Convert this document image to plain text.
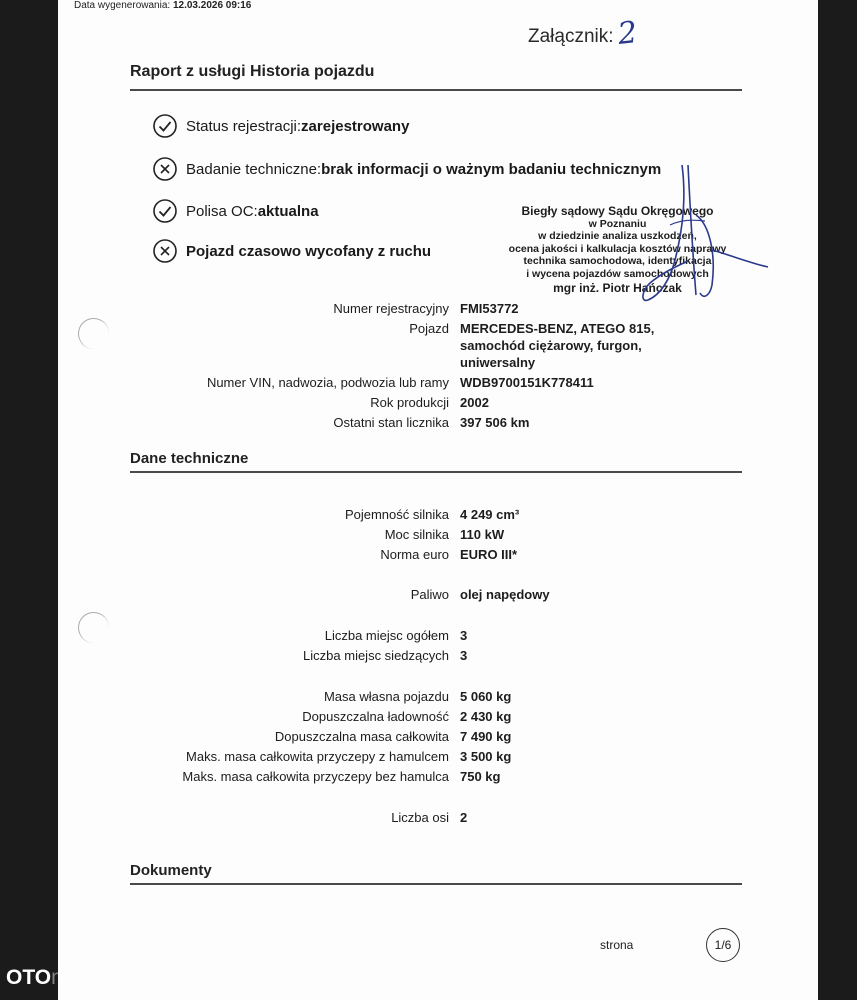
Data wygenerowania: 12.03.2026 09:16
Załącznik: 2
Raport z usługi Historia pojazdu
Status rejestracji: zarejestrowany
Badanie techniczne: brak informacji o ważnym badaniu technicznym
Polisa OC: aktualna
Pojazd czasowo wycofany z ruchu
Biegły sądowy Sądu Okręgowego
w Poznaniu
w dziedzinie analiza uszkodzeń,
ocena jakości i kalkulacja kosztów naprawy
technika samochodowa, identyfikacja
i wycena pojazdów samochodowych
mgr inż. Piotr Hańczak
Numer rejestracyjny FMI53772
Pojazd MERCEDES-BENZ, ATEGO 815, samochód ciężarowy, furgon, uniwersalny
Numer VIN, nadwozia, podwozia lub ramy WDB9700151K778411
Rok produkcji 2002
Ostatni stan licznika 397 506 km
Dane techniczne
Pojemność silnika 4 249 cm³
Moc silnika 110 kW
Norma euro EURO III*
Paliwo olej napędowy
Liczba miejsc ogółem 3
Liczba miejsc siedzących 3
Masa własna pojazdu 5 060 kg
Dopuszczalna ładowność 2 430 kg
Dopuszczalna masa całkowita 7 490 kg
Maks. masa całkowita przyczepy z hamulcem 3 500 kg
Maks. masa całkowita przyczepy bez hamulca 750 kg
Liczba osi 2
Dokumenty
strona	1/6
OTOmoto
